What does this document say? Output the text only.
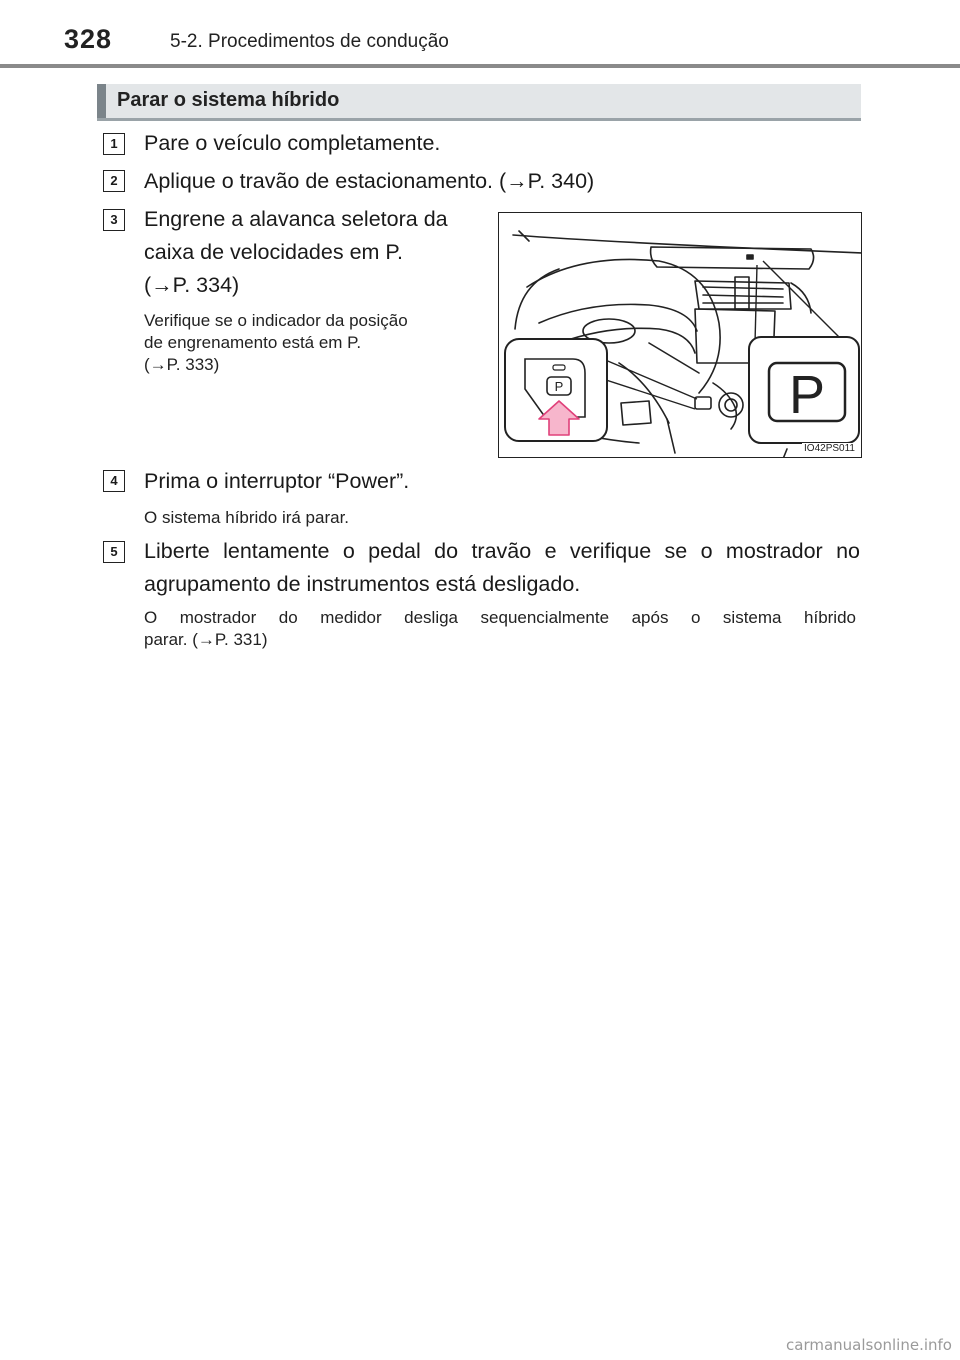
328	5-2. Procedimentos de condução
Parar o sistema híbrido
1	Pare o veículo completamente.
2	Aplique o travão de estacionamento. (→P. 340)
3	Engrene a alavanca seletora da
caixa de velocidades em P.
(→P. 334)
Verifique se o indicador da posição
de engrenamento está em P.
(→P. 333)
P	P
IO42PS011
4	Prima o interruptor “Power”.
O sistema híbrido irá parar.
5	Liberte lentamente o pedal do travão e verifique se o mostrador no
agrupamento de instrumentos está desligado.
O mostrador do medidor desliga sequencialmente após o sistema híbrido
parar. (→P. 331)
carmanualsonline.info
